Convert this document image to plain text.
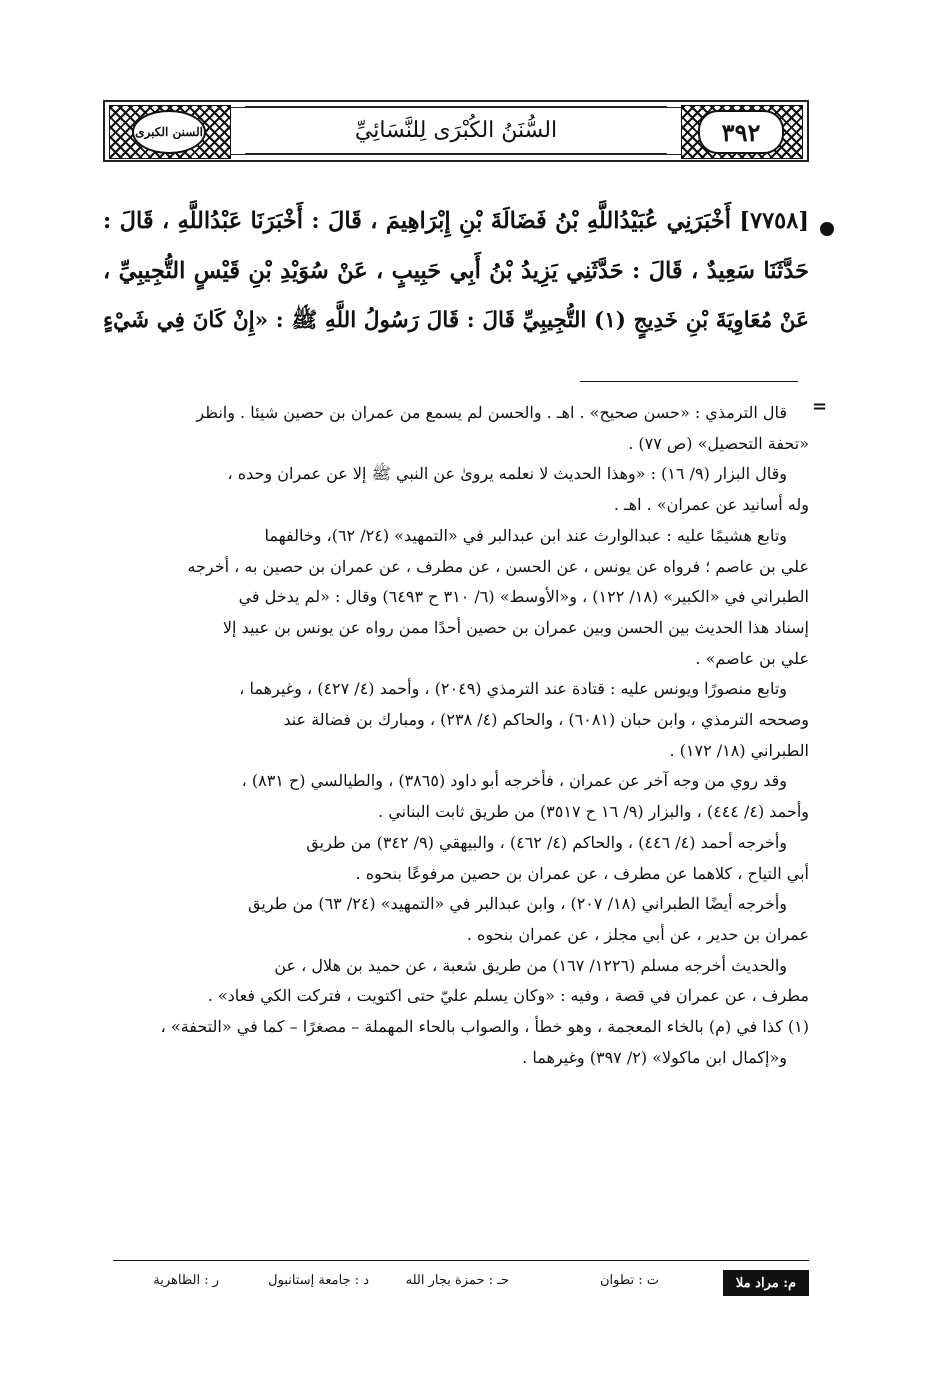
السنن الكبرى	٣٩٢
السُّنَنُ الكُبْرَى لِلنَّسَائِيِّ
[٧٧٥٨] أَخْبَرَنِي عُبَيْدُاللَّهِ بْنُ فَضَالَةَ بْنِ إِبْرَاهِيمَ ، قَالَ : أَخْبَرَنَا عَبْدُاللَّهِ ، قَالَ :
حَدَّثَنَا سَعِيدٌ ، قَالَ : حَدَّثَنِي يَزِيدُ بْنُ أَبِي حَبِيبٍ ، عَنْ سُوَيْدِ بْنِ قَيْسٍ التُّجِيبِيِّ ،
عَنْ مُعَاوِيَةَ بْنِ خَدِيجٍ (١) التُّجِيبِيِّ قَالَ : قَالَ رَسُولُ اللَّهِ ﷺ : «إِنْ كَانَ فِي شَيْءٍ
=
قال الترمذي : «حسن صحيح» . اهـ . والحسن لم يسمع من عمران بن حصين شيئا . وانظر
«تحفة التحصيل» (ص ٧٧) .
وقال البزار (٩/ ١٦) : «وهذا الحديث لا نعلمه يروىٰ عن النبي ﷺ إلا عن عمران وحده ،
وله أسانيد عن عمران» . اهـ .
وتابع هشيمًا عليه : عبدالوارث عند ابن عبدالبر في «التمهيد» (٢٤/ ٦٢)، وخالفهما
علي بن عاصم ؛ فرواه عن يونس ، عن الحسن ، عن مطرف ، عن عمران بن حصين به ، أخرجه
الطبراني في «الكبير» (١٨/ ١٢٢) ، و«الأوسط» (٦/ ٣١٠ ح ٦٤٩٣) وقال : «لم يدخل في
إسناد هذا الحديث بين الحسن وبين عمران بن حصين أحدًا ممن رواه عن يونس بن عبيد إلا
علي بن عاصم» .
وتابع منصورًا ويونس عليه : قتادة عند الترمذي (٢٠٤٩) ، وأحمد (٤/ ٤٢٧) ، وغيرهما ،
وصححه الترمذي ، وابن حبان (٦٠٨١) ، والحاكم (٤/ ٢٣٨) ، ومبارك بن فضالة عند
الطبراني (١٨/ ١٧٢) .
وقد روي من وجه آخر عن عمران ، فأخرجه أبو داود (٣٨٦٥) ، والطيالسي (ح ٨٣١) ،
وأحمد (٤/ ٤٤٤) ، والبزار (٩/ ١٦ ح ٣٥١٧) من طريق ثابت البناني .
وأخرجه أحمد (٤/ ٤٤٦) ، والحاكم (٤/ ٤٦٢) ، والبيهقي (٩/ ٣٤٢) من طريق
أبي التياح ، كلاهما عن مطرف ، عن عمران بن حصين مرفوعًا بنحوه .
وأخرجه أيضًا الطبراني (١٨/ ٢٠٧) ، وابن عبدالبر في «التمهيد» (٢٤/ ٦٣) من طريق
عمران بن حدير ، عن أبي مجلز ، عن عمران بنحوه .
والحديث أخرجه مسلم (١٢٢٦/ ١٦٧) من طريق شعبة ، عن حميد بن هلال ، عن
مطرف ، عن عمران في قصة ، وفيه : «وكان يسلم عليّ حتى اكتويت ، فتركت الكي فعاد» .
(١) كذا في (م) بالخاء المعجمة ، وهو خطأ ، والصواب بالحاء المهملة – مصغرًا – كما في «التحفة» ،
و«إكمال ابن ماكولا» (٢/ ٣٩٧) وغيرهما .
م: مراد ملا
ت : تطوان
حـ : حمزة بجار الله
د : جامعة إستانبول
ر : الظاهرية
